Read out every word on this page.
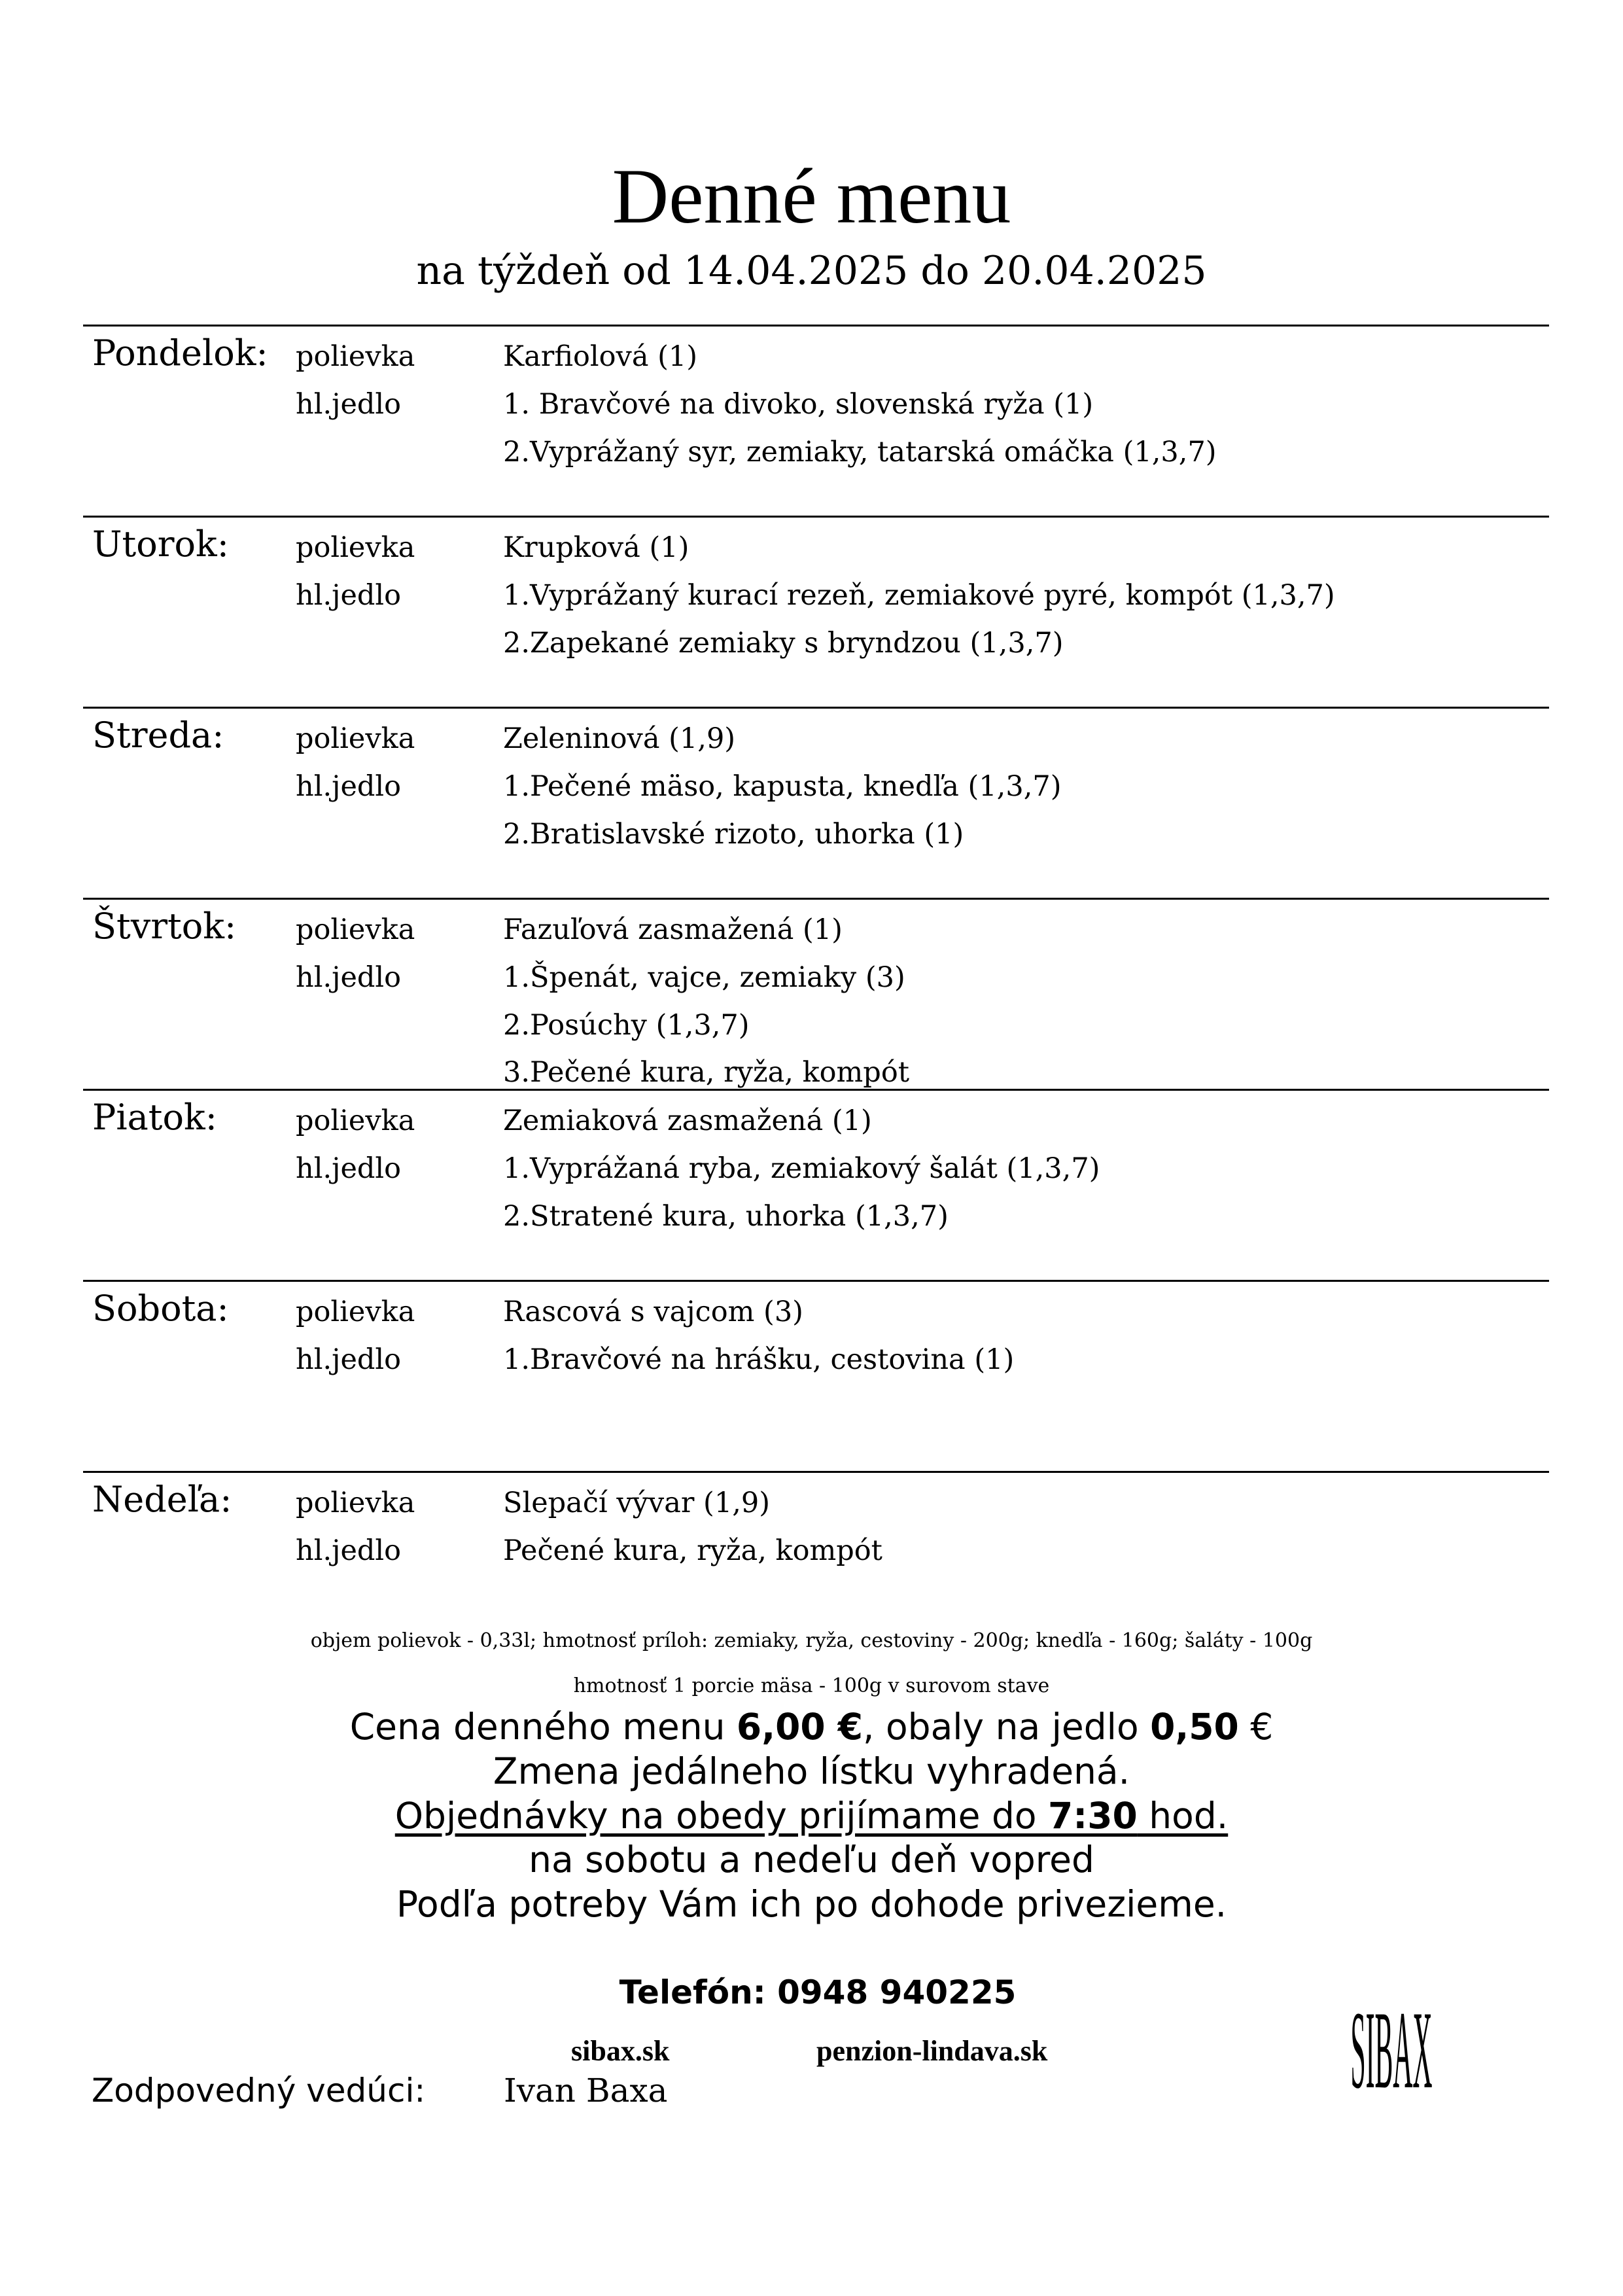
Denné menu
na týždeň od 14.04.2025 do 20.04.2025
Pondelok: polievka	Karfiolová (1)
hl.jedlo	1. Bravčové na divoko, slovenská ryža (1)
2.Vyprážaný syr, zemiaky, tatarská omáčka (1,3,7)
Utorok: polievka	Krupková (1)
hl.jedlo	1.Vyprážaný kurací rezeň, zemiakové pyré, kompót (1,3,7)
2.Zapekané zemiaky s bryndzou (1,3,7)
Streda:	polievka	Zeleninová (1,9)
hl.jedlo	1.Pečené mäso, kapusta, knedľa (1,3,7)
2.Bratislavské rizoto, uhorka (1)
Štvrtok: polievka	Fazuľová zasmažená (1)
hl.jedlo	1.Špenát, vajce, zemiaky (3)
2.Posúchy (1,3,7)
3.Pečené kura, ryža, kompót
Piatok:	polievka	Zemiaková zasmažená (1)
hl.jedlo	1.Vyprážaná ryba, zemiakový šalát (1,3,7)
2.Stratené kura, uhorka (1,3,7)
Sobota: polievka	Rascová s vajcom (3)
hl.jedlo	1.Bravčové na hrášku, cestovina (1)
Nedeľa: polievka	Slepačí vývar (1,9)
hl.jedlo	Pečené kura, ryža, kompót
objem polievok - 0,33l; hmotnosť príloh: zemiaky, ryža, cestoviny - 200g; knedľa - 160g; šaláty - 100g
hmotnosť 1 porcie mäsa - 100g v surovom stave
Cena denného menu 6,00 €, obaly na jedlo 0,50 €
Zmena jedálneho lístku vyhradená.
Objednávky na obedy prijímame do 7:30 hod.
na sobotu a nedeľu deň vopred
Podľa potreby Vám ich po dohode privezieme.
Telefón: 0948 940225
sibax.sk	penzion-lindava.sk
Zodpovedný vedúci: Ivan Baxa	SIBAX
